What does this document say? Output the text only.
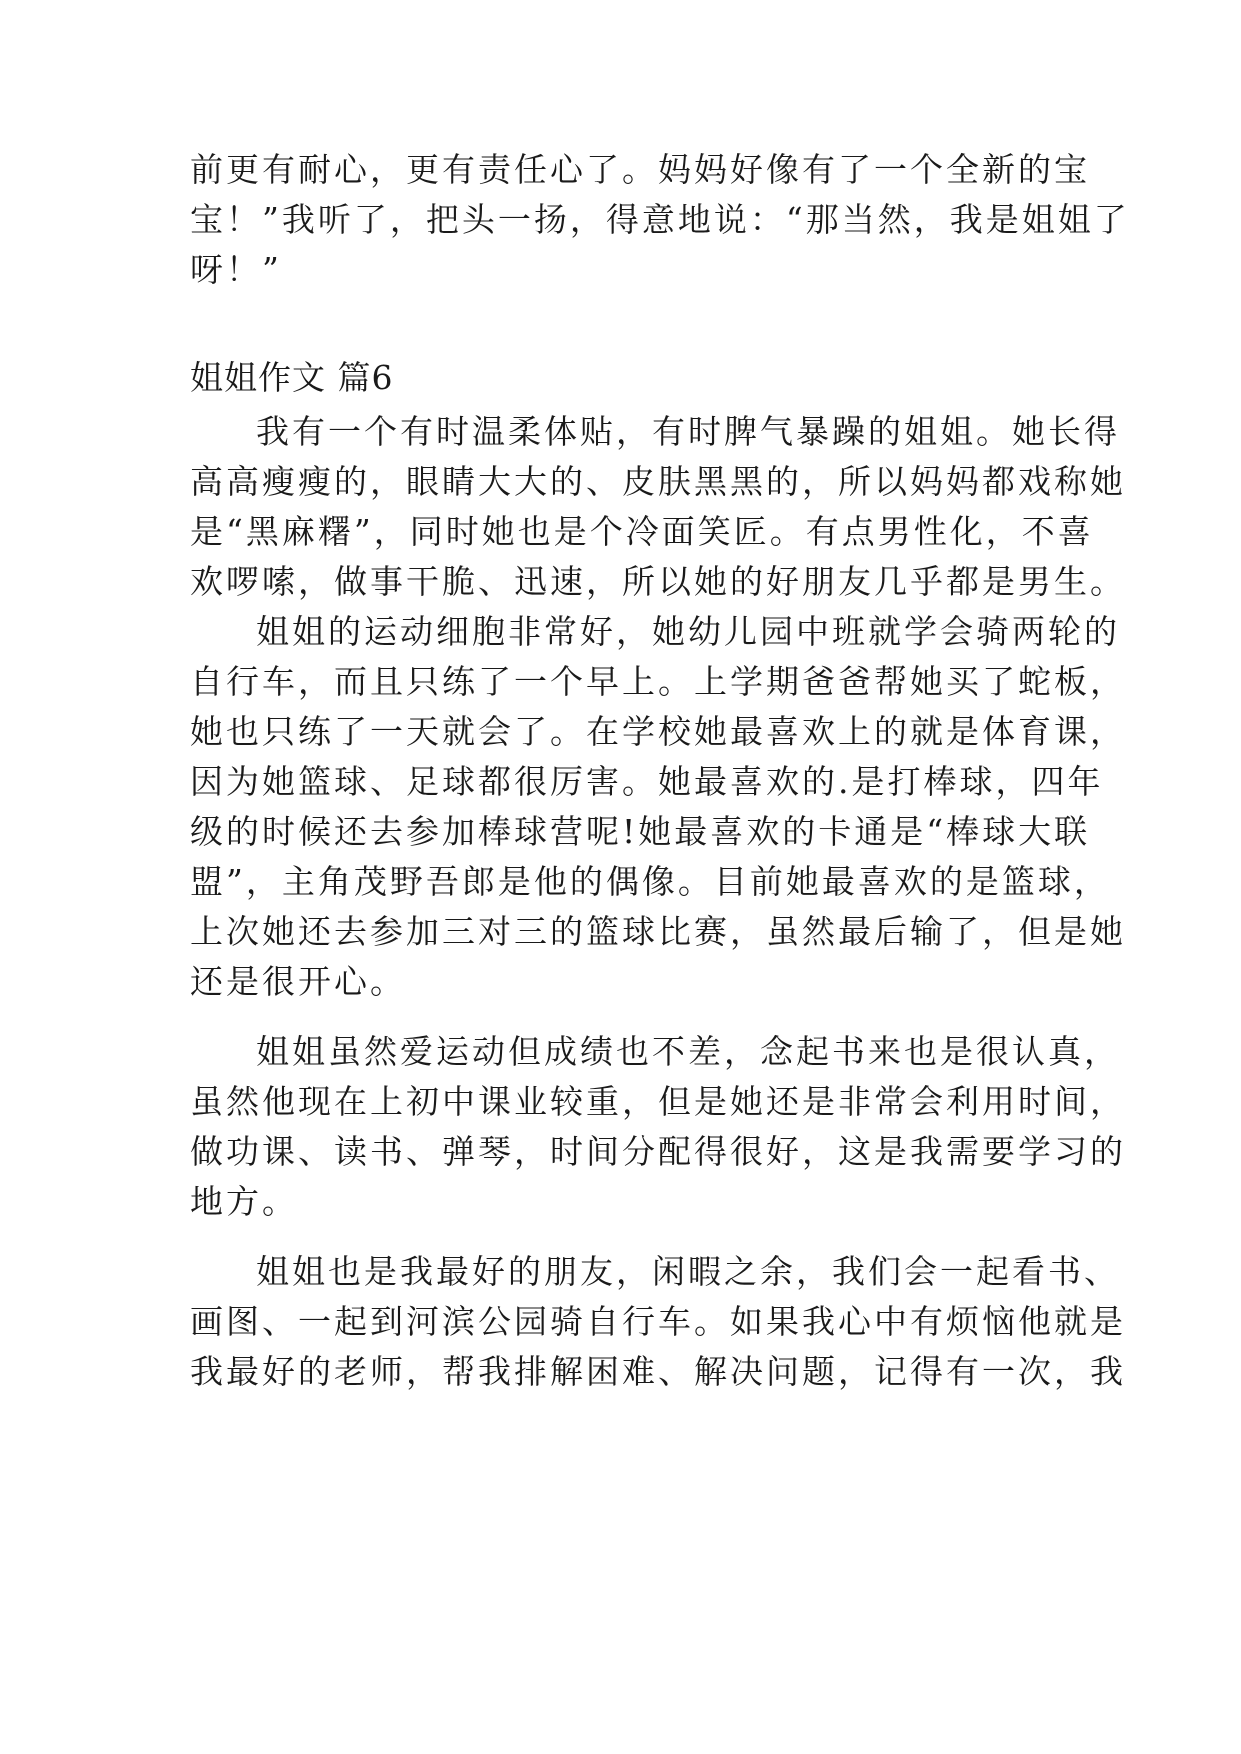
前更有耐心，更有责任心了。妈妈好像有了一个全新的宝
宝！”我听了，把头一扬，得意地说：“那当然，我是姐姐了
呀！”
姐姐作文 篇6
我有一个有时温柔体贴，有时脾气暴躁的姐姐。她长得
高高瘦瘦的，眼睛大大的、皮肤黑黑的，所以妈妈都戏称她
是“黑麻糬”，同时她也是个冷面笑匠。有点男性化，不喜
欢啰嗦，做事干脆、迅速，所以她的好朋友几乎都是男生。
姐姐的运动细胞非常好，她幼儿园中班就学会骑两轮的
自行车，而且只练了一个早上。上学期爸爸帮她买了蛇板，
她也只练了一天就会了。在学校她最喜欢上的就是体育课，
因为她篮球、足球都很厉害。她最喜欢的.是打棒球，四年
级的时候还去参加棒球营呢!她最喜欢的卡通是“棒球大联
盟”，主角茂野吾郎是他的偶像。目前她最喜欢的是篮球，
上次她还去参加三对三的篮球比赛，虽然最后输了，但是她
还是很开心。
姐姐虽然爱运动但成绩也不差，念起书来也是很认真，
虽然他现在上初中课业较重，但是她还是非常会利用时间，
做功课、读书、弹琴，时间分配得很好，这是我需要学习的
地方。
姐姐也是我最好的朋友，闲暇之余，我们会一起看书、
画图、一起到河滨公园骑自行车。如果我心中有烦恼他就是
我最好的老师，帮我排解困难、解决问题，记得有一次，我
